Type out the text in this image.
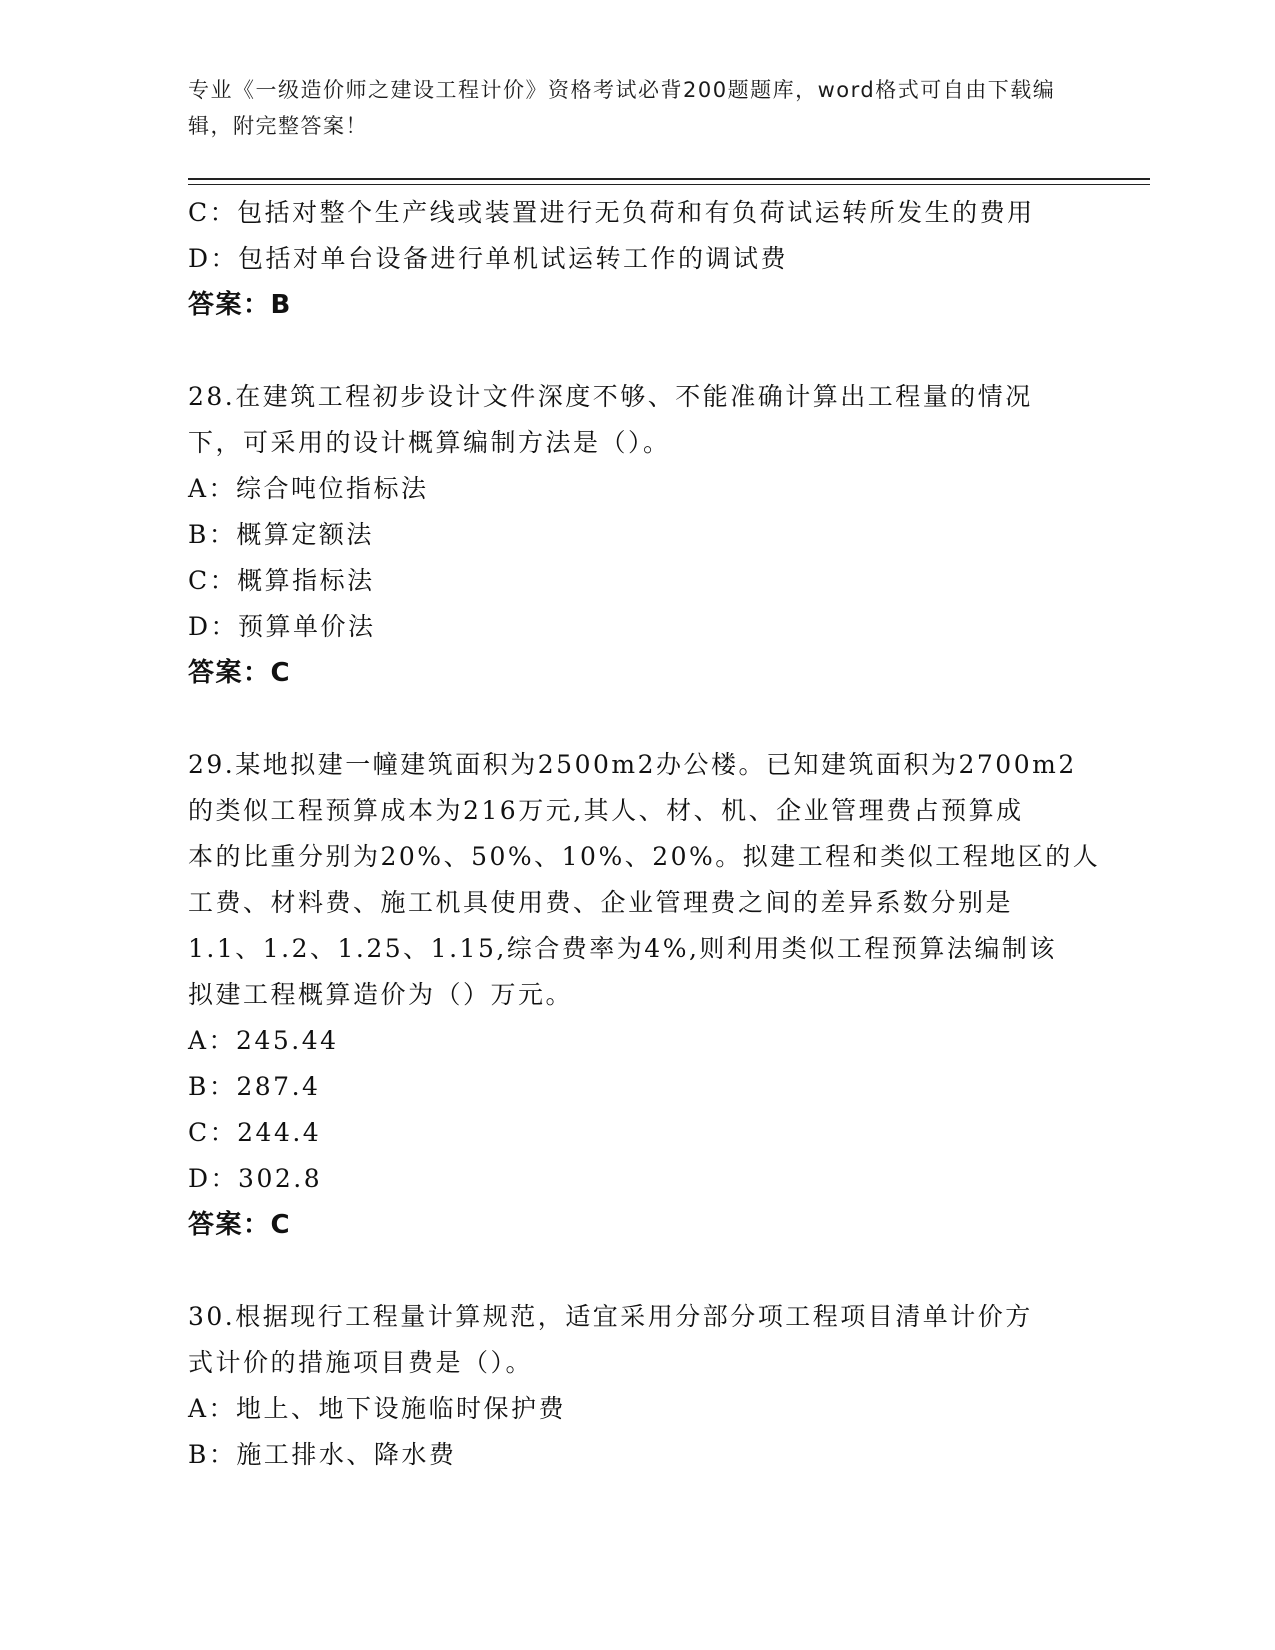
专业《一级造价师之建设工程计价》资格考试必背200题题库，word格式可自由下载编辑，附完整答案！
C：包括对整个生产线或装置进行无负荷和有负荷试运转所发生的费用
D：包括对单台设备进行单机试运转工作的调试费
答案：B
28.在建筑工程初步设计文件深度不够、不能准确计算出工程量的情况
下，可采用的设计概算编制方法是（）。
A：综合吨位指标法
B：概算定额法
C：概算指标法
D：预算单价法
答案：C
29.某地拟建一幢建筑面积为2500m2办公楼。已知建筑面积为2700m2
的类似工程预算成本为216万元,其人、材、机、企业管理费占预算成
本的比重分别为20%、50%、10%、20%。拟建工程和类似工程地区的人
工费、材料费、施工机具使用费、企业管理费之间的差异系数分别是
1.1、1.2、1.25、1.15,综合费率为4%,则利用类似工程预算法编制该
拟建工程概算造价为（）万元。
A：245.44
B：287.4
C：244.4
D：302.8
答案：C
30.根据现行工程量计算规范，适宜采用分部分项工程项目清单计价方
式计价的措施项目费是（）。
A：地上、地下设施临时保护费
B：施工排水、降水费
